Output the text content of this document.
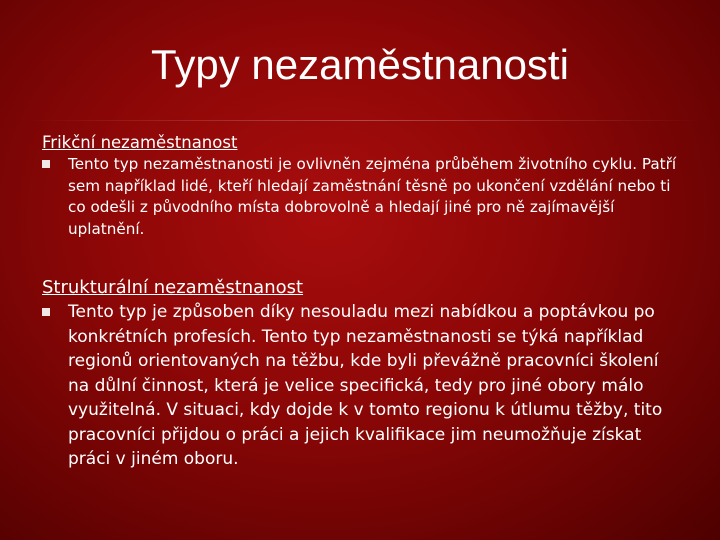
Typy nezaměstnanosti

Frikční nezaměstnanost

Tento typ nezaměstnanosti je ovlivněn zejména průběhem životního cyklu. Patří sem například lidé, kteří hledají zaměstnání těsně po ukončení vzdělání nebo ti co odešli z původního místa dobrovolně a hledají jiné pro ně zajímavější uplatnění.

Strukturální nezaměstnanost

Tento typ je způsoben díky nesouladu mezi nabídkou a poptávkou po konkrétních profesích. Tento typ nezaměstnanosti se týká například regionů orientovaných na těžbu, kde byli převážně pracovníci školení na důlní činnost, která je velice specifická, tedy pro jiné obory málo využitelná. V situaci, kdy dojde k v tomto regionu k útlumu těžby, tito pracovníci přijdou o práci a jejich kvalifikace jim neumožňuje získat práci v jiném oboru.
